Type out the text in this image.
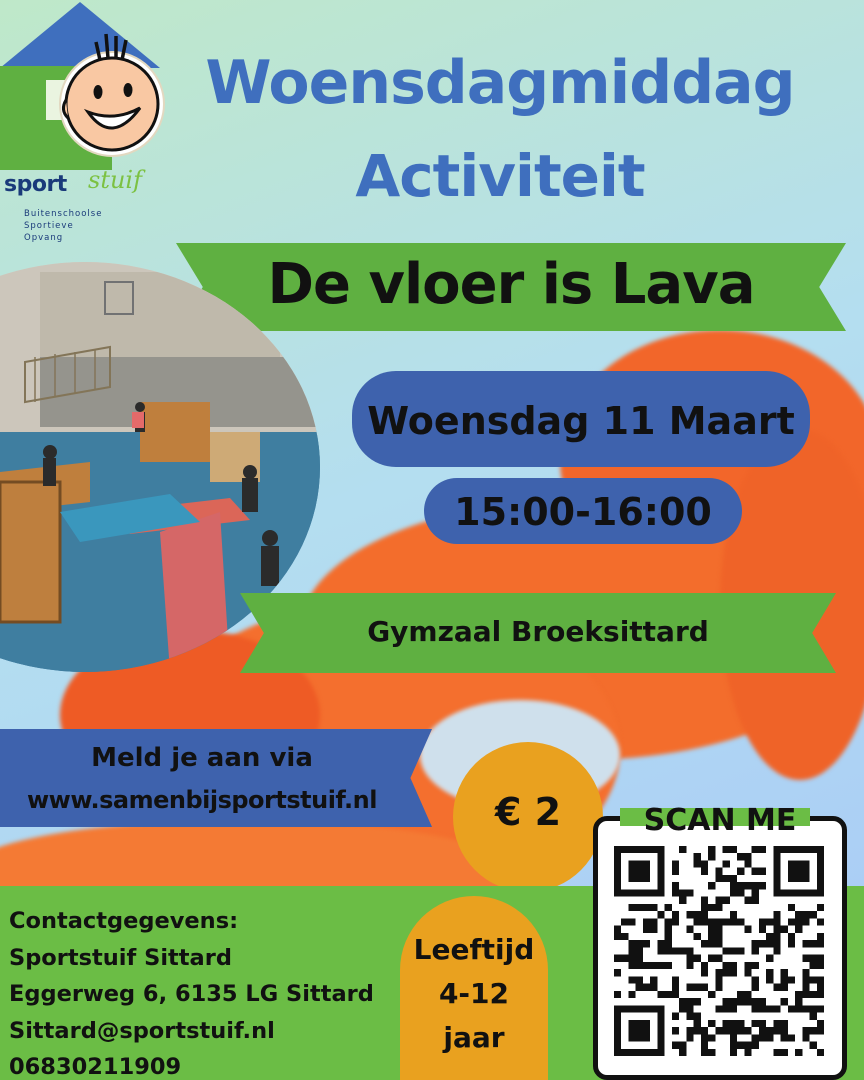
sport stuif
Buitenschoolse
Sportieve
Opvang
Woensdagmiddag
Activiteit
De vloer is Lava
Woensdag 11 Maart
15:00-16:00
Gymzaal Broeksittard
Meld je aan via
www.samenbijsportstuif.nl	€ 2
Contactgegevens:
Sportstuif Sittard
Eggerweg 6, 6135 LG Sittard
Sittard@sportstuif.nl
06830211909
Leeftijd
4-12
jaar
SCAN ME
